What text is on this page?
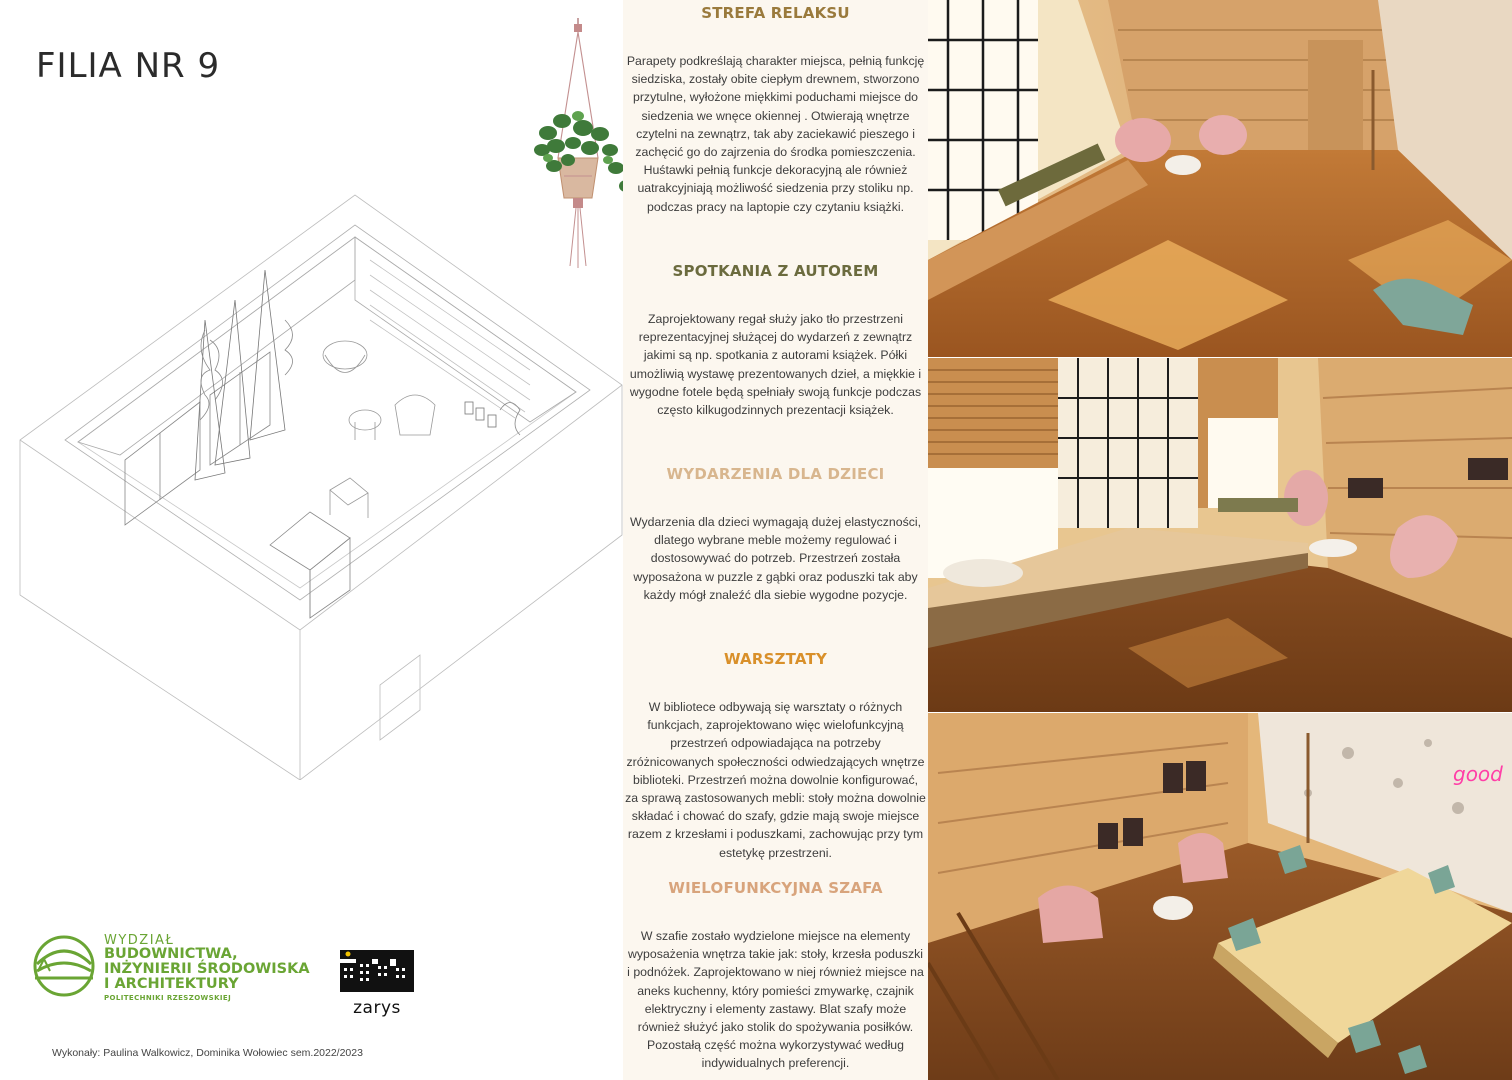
FILIA NR 9
WYDZIAŁ
BUDOWNICTWA,
INŻYNIERII ŚRODOWISKA
I ARCHITEKTURY
POLITECHNIKI RZESZOWSKIEJ
zarys
Wykonały: Paulina Walkowicz, Dominika Wołowiec sem.2022/2023
STREFA RELAKSU

Parapety podkreślają charakter miejsca, pełnią funkcję siedziska, zostały obite ciepłym drewnem, stworzono przytulne, wyłożone miękkimi poduchami miejsce do siedzenia we wnęce okiennej . Otwierają wnętrze czytelni na zewnątrz, tak aby zaciekawić pieszego i zachęcić go do zajrzenia do środka pomieszczenia. Huśtawki pełnią funkcje dekoracyjną ale również uatrakcyjniają możliwość siedzenia przy stoliku np. podczas pracy na laptopie czy czytaniu książki.

SPOTKANIA Z AUTOREM

Zaprojektowany regał służy jako tło przestrzeni reprezentacyjnej służącej do wydarzeń z zewnątrz jakimi są np. spotkania z autorami książek. Półki umożliwią wystawę prezentowanych dzieł, a miękkie i wygodne fotele będą spełniały swoją funkcje podczas często kilkugodzinnych prezentacji książek.

WYDARZENIA DLA DZIECI

Wydarzenia dla dzieci wymagają dużej elastyczności, dlatego wybrane meble możemy regulować i dostosowywać do potrzeb. Przestrzeń została wyposażona w puzzle z gąbki oraz poduszki tak aby każdy mógł znaleźć dla siebie wygodne pozycje.

WARSZTATY

W bibliotece odbywają się warsztaty o różnych funkcjach, zaprojektowano więc wielofunkcyjną przestrzeń odpowiadająca na potrzeby zróżnicowanych społeczności odwiedzających wnętrze biblioteki. Przestrzeń można dowolnie konfigurować, za sprawą zastosowanych mebli: stoły można dowolnie składać i chować do szafy, gdzie mają swoje miejsce razem z krzesłami i poduszkami, zachowując przy tym estetykę przestrzeni.

WIELOFUNKCYJNA SZAFA

W szafie zostało wydzielone miejsce na elementy wyposażenia wnętrza takie jak: stoły, krzesła poduszki i podnóżek. Zaprojektowano w niej również miejsce na aneks kuchenny, który pomieści zmywarkę, czajnik elektryczny i elementy zastawy. Blat szafy może również służyć jako stolik do spożywania posiłków. Pozostałą część można wykorzystywać według indywidualnych preferencji.

good
